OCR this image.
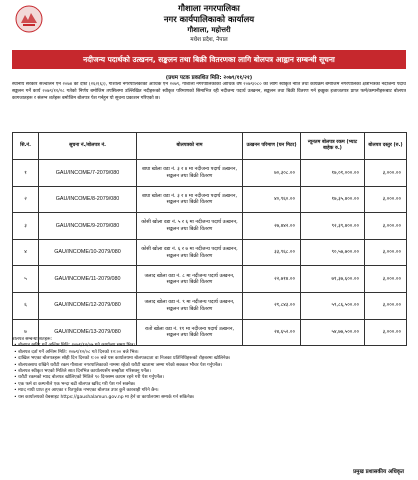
गौशाला नगरपालिका
नगर कार्यपालिकाको कार्यालय
गौशाला, महोत्तरी
मधेश प्रदेश, नेपाल
नदीजन्य पदार्थको उत्खनन, सङ्कलन तथा बिक्री वितरणका लागि बोलपत्र आह्वान सम्बन्धी सूचना
(प्रथम पटक प्रकाशित मिति: २०७९/११/२१)
स्थानीय सरकार सञ्चालन ऐन २०७४ को दफा (२६२(६)), गौशाला नगरपालिकाको आर्थिक ऐन २०७९, गौशाला नगरपालिकाको आर्थिक वर्ष २०७९/०८० का लागि स्वीकृत नीति तथा कार्यक्रम बमोजिम नगरपालिका क्षेत्रभित्रका नदीजन्य पदार्थ सङ्कलन गर्ने कार्य २०७९/११/२८ गतेको निर्णय बमोजिम तपसिलमा उल्लिखित नदीहरूको स्वीकृत परिमाणको सिमाभित्र रही नदीजन्य पदार्थ उत्खनन, सङ्कलन तथा बिक्री वितरण गर्न इच्छुक इजाजतपत्र प्राप्त फर्म/कम्पनीहरूबाट बोलपत्र कागजातहरू र संलग्न शर्तहरू बमोजिम बोलपत्र पेश गर्नहुन यो सूचना प्रकाशन गरिएको छ।
सि.नं.	सूचना नं./बोलपत्र नं.	बोलपत्रको नाम	उत्खनन परिमाण (घन मिटर)	न्यूनतम बोलपत्र रकम (भ्याट बाहेक रु.)	बोलपत्र दस्तुर (रु.)
१	GAU/INCOME/7-2079/080	बाघा खोला वडा नं. ३ र ४ मा नदीजन्य पदार्थ उत्खनन, सङ्कलन तथा बिक्री वितरण	७०,३०८.००	१७,०१,०००.००	३,०००.००
२	GAU/INCOME/8-2079/080	बाघा खोला वडा नं. ३ र ४ मा नदीजन्य पदार्थ उत्खनन, सङ्कलन तथा बिक्री वितरण	४०,९६०.००	१७,३५,४००.००	३,०००.००
३	GAU/INCOME/9-2079/080	कोसी खोला वडा नं. ५ र ६ मा नदीजन्य पदार्थ उत्खनन, सङ्कलन तथा बिक्री वितरण	२७,४४२.००	९२,३९,४००.००	३,०००.००
४	GAU/INCOME/10-2079/080	कोसी खोला वडा नं. ६ र ७ मा नदीजन्य पदार्थ उत्खनन, सङ्कलन तथा बिक्री वितरण	३३,९६८.००	९०,५७,७००.००	३,०००.००
५	GAU/INCOME/11-2079/080	जलाद खोला वडा नं. ८ मा नदीजन्य पदार्थ उत्खनन, सङ्कलन तथा बिक्री वितरण	२२,७१४.००	७१,३७,६००.००	३,०००.००
६	GAU/INCOME/12-2079/080	जलाद खोला वडा नं. ९ मा नदीजन्य पदार्थ उत्खनन, सङ्कलन तथा बिक्री वितरण	२१,८४३.००	५९,८६,५००.००	३,०००.००
७	GAU/INCOME/13-2079/080	रातो खोला वडा नं. ११ मा नदीजन्य पदार्थ उत्खनन, सङ्कलन तथा बिक्री वितरण	२४,६५२.००	५४,७७,५००.००	३,०००.००

बोलपत्र सम्बन्धी शर्तहरू:

• बोलपत्र खरिद गर्ने अन्तिम मिति: २०७९/१२/०७ गते कार्यालय समय भित्र।

• बोलपत्र दर्ता गर्ने अन्तिम मिति: २०७९/१२/०८ गते दिनको १२:०० बजे भित्र।

• दाखिल भएका बोलपत्रहरू सोही दिन दिनको १:०० बजे यस कार्यालयमा बोलपत्रदाता वा निजका प्रतिनिधिहरूको रोहबरमा खोलिनेछ।

• बोलपत्रसाथ राखिने धरौटी रकम गौशाला नगरपालिकाको नाममा रहेको धरौटी खातामा जम्मा गरेको सक्कल भौचर पेश गर्नुपर्नेछ।

• बोलपत्र स्वीकृत भएको मितिले सात दिनभित्र कार्यालयसँग सम्झौता गरिसक्नु पर्नेछ।

• धरौटी रकमको म्याद बोलपत्र खोलिएको मितिले ९० दिनसम्म कायम रहने गरी पेश गर्नुपर्नेछ।

• एक फर्म वा कम्पनीले एक भन्दा बढी बोलपत्र खरिद गरी पेश गर्न सक्नेछ।

• म्याद नाघी प्राप्त हुन आएका र रितपूर्वक नभएका बोलपत्र उपर कुनै कारबाही गरिने छैन।

• यस कार्यालयको वेबसाइट https://gaushalamun.gov.np मा हेर्न वा कार्यालयमा सम्पर्क गर्न सकिनेछ।

प्रमुख प्रशासकीय अधिकृत
